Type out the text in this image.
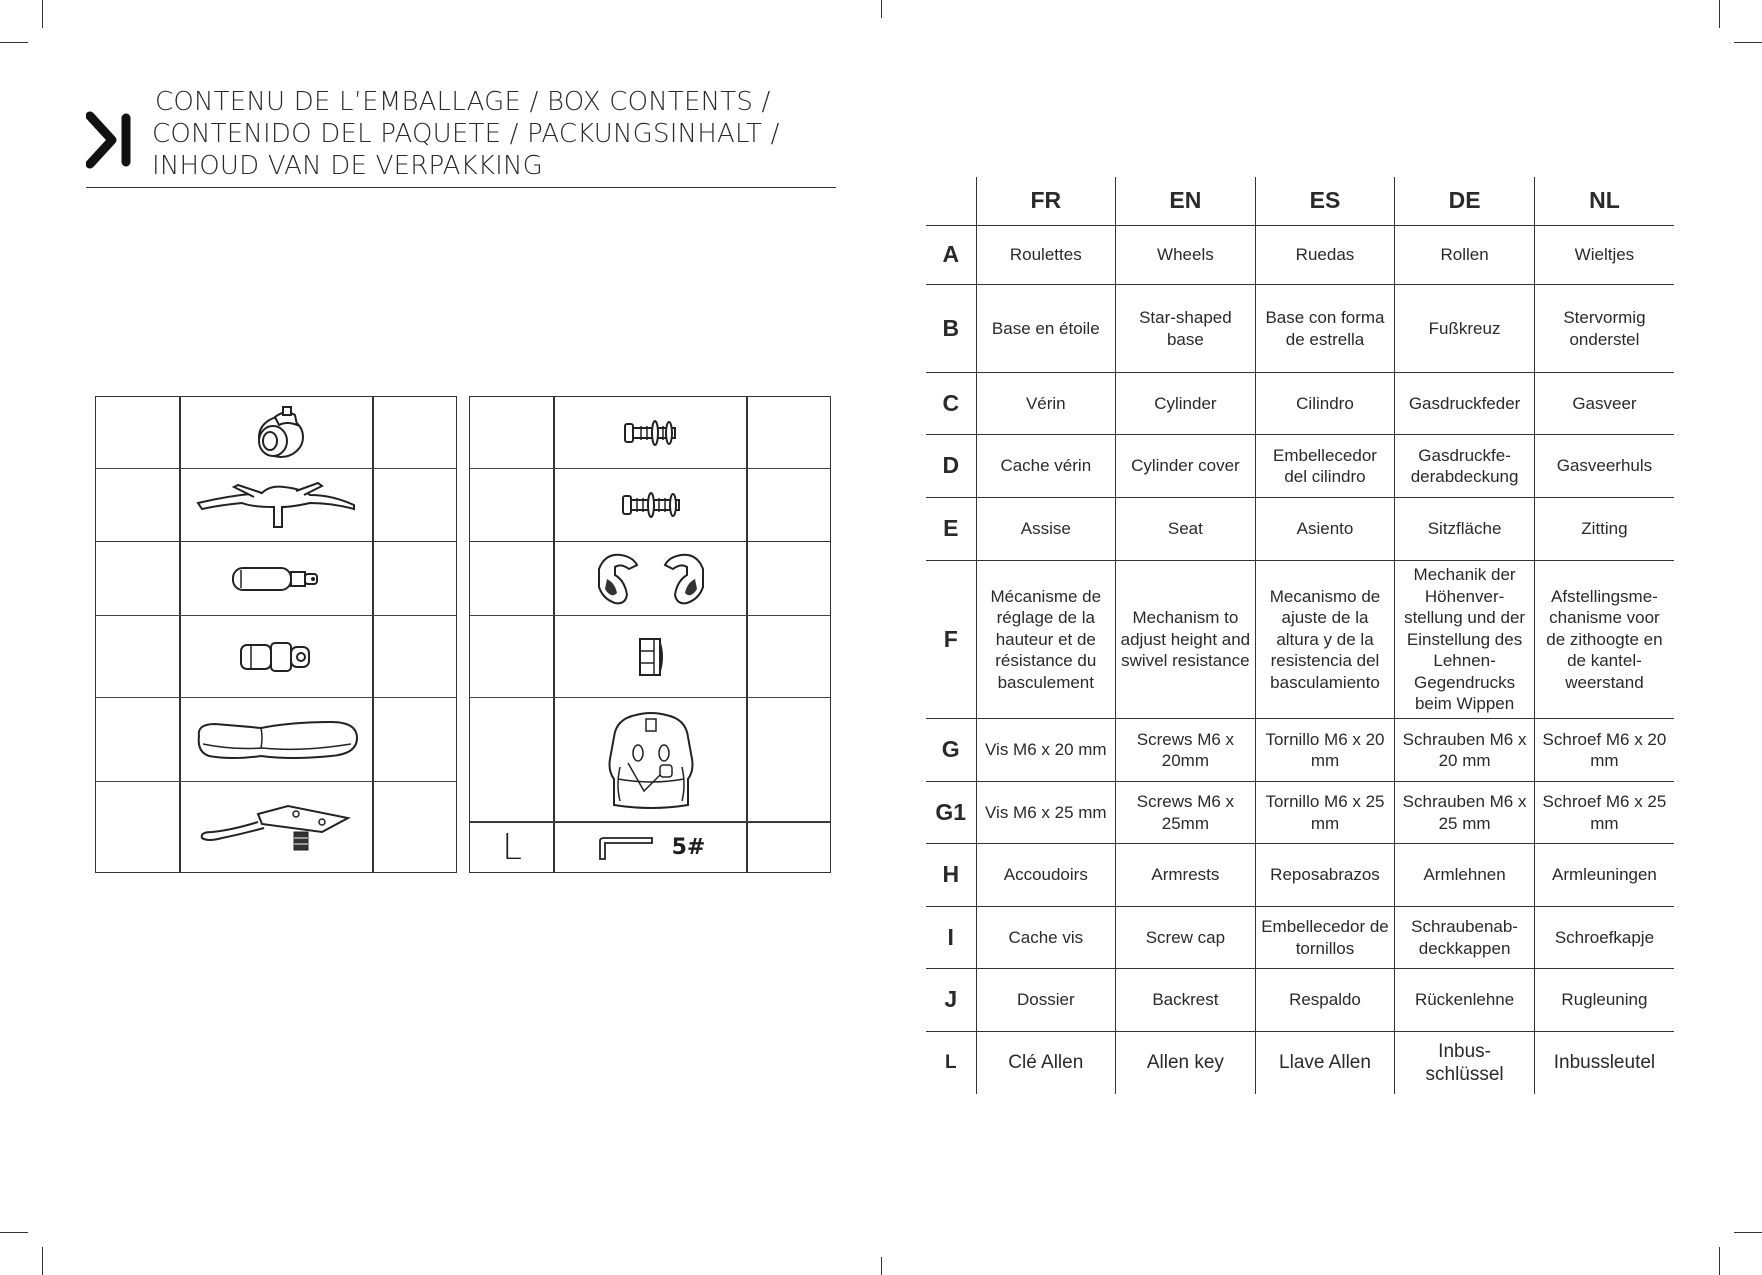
CONTENU DE L’EMBALLAGE / BOX CONTENTS /
CONTENIDO DEL PAQUETE / PACKUNGSINHALT /
INHOUD VAN DE VERPAKKING
L	5#
	FR	EN	ES	DE	NL
A	Roulettes	Wheels	Ruedas	Rollen	Wieltjes
B	Base en étoile	Star-shaped base	Base con forma de estrella	Fußkreuz	Stervormig onderstel
C	Vérin	Cylinder	Cilindro	Gasdruckfeder	Gasveer
D	Cache vérin	Cylinder cover	Embellecedor del cilindro	Gasdruckfe-derabdeckung	Gasveerhuls
E	Assise	Seat	Asiento	Sitzfläche	Zitting
F	Mécanisme de réglage de la hauteur et de résistance du basculement	Mechanism to adjust height and swivel resistance	Mecanismo de ajuste de la altura y de la resistencia del basculamiento	Mechanik der Höhenver-stellung und der Einstellung des Lehnen-Gegendrucks beim Wippen	Afstellingsme-chanisme voor de zithoogte en de kantel-weerstand
G	Vis M6 x 20 mm	Screws M6 x 20mm	Tornillo M6 x 20 mm	Schrauben M6 x 20 mm	Schroef M6 x 20 mm
G1	Vis M6 x 25 mm	Screws M6 x 25mm	Tornillo M6 x 25 mm	Schrauben M6 x 25 mm	Schroef M6 x 25 mm
H	Accoudoirs	Armrests	Reposabrazos	Armlehnen	Armleuningen
I	Cache vis	Screw cap	Embellecedor de tornillos	Schraubenab-deckkappen	Schroefkapje
J	Dossier	Backrest	Respaldo	Rückenlehne	Rugleuning
L	Clé Allen	Allen key	Llave Allen	Inbus-schlüssel	Inbussleutel
